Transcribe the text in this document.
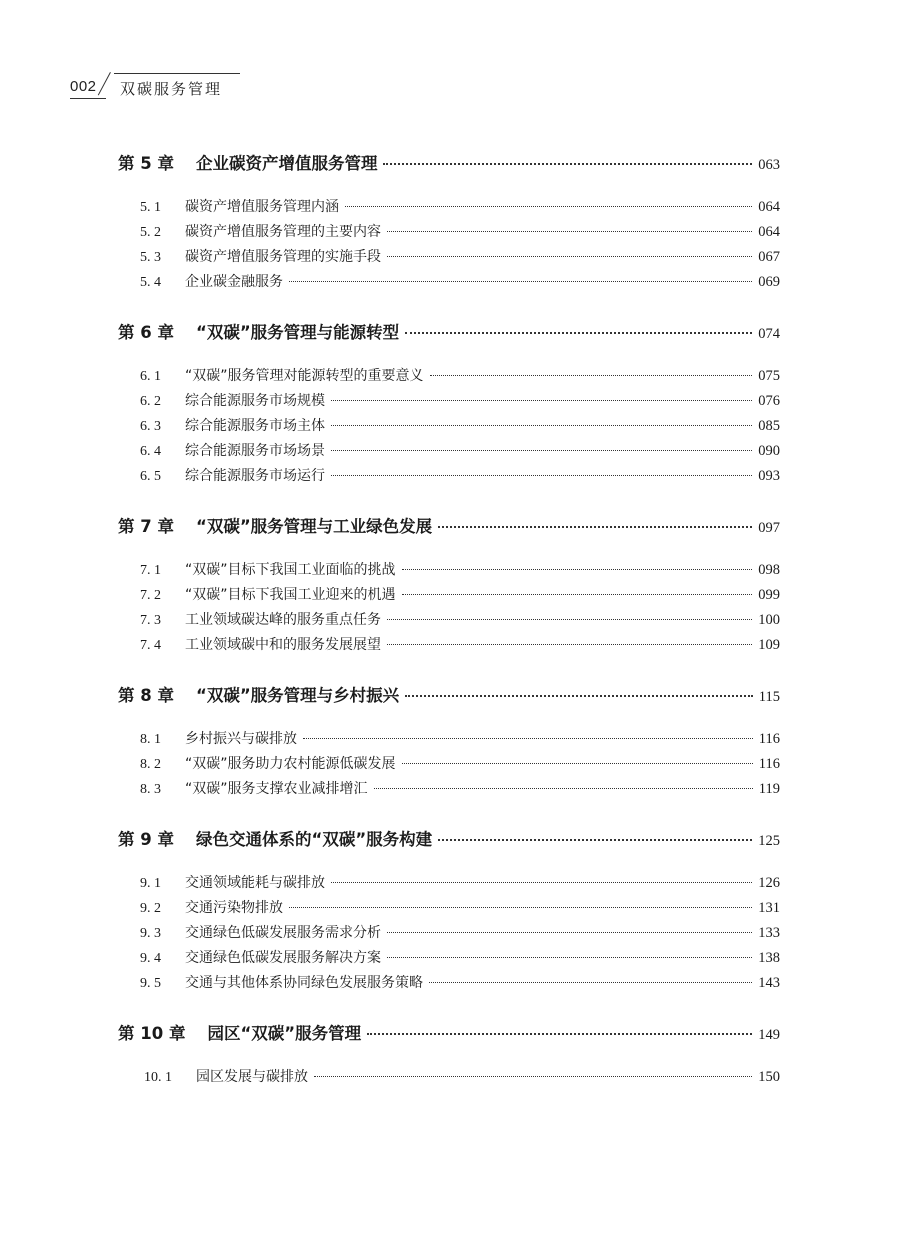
002 双碳服务管理
第 5 章	企业碳资产增值服务管理	063
5. 1	碳资产增值服务管理内涵	064
5. 2	碳资产增值服务管理的主要内容	064
5. 3	碳资产增值服务管理的实施手段	067
5. 4	企业碳金融服务	069
第 6 章	“双碳”服务管理与能源转型	074
6. 1	“双碳”服务管理对能源转型的重要意义	075
6. 2	综合能源服务市场规模	076
6. 3	综合能源服务市场主体	085
6. 4	综合能源服务市场场景	090
6. 5	综合能源服务市场运行	093
第 7 章	“双碳”服务管理与工业绿色发展	097
7. 1	“双碳”目标下我国工业面临的挑战	098
7. 2	“双碳”目标下我国工业迎来的机遇	099
7. 3	工业领域碳达峰的服务重点任务	100
7. 4	工业领域碳中和的服务发展展望	109
第 8 章	“双碳”服务管理与乡村振兴	115
8. 1	乡村振兴与碳排放	116
8. 2	“双碳”服务助力农村能源低碳发展	116
8. 3	“双碳”服务支撑农业减排增汇	119
第 9 章	绿色交通体系的“双碳”服务构建	125
9. 1	交通领域能耗与碳排放	126
9. 2	交通污染物排放	131
9. 3	交通绿色低碳发展服务需求分析	133
9. 4	交通绿色低碳发展服务解决方案	138
9. 5	交通与其他体系协同绿色发展服务策略	143
第 10 章	园区“双碳”服务管理	149
10. 1	园区发展与碳排放	150
